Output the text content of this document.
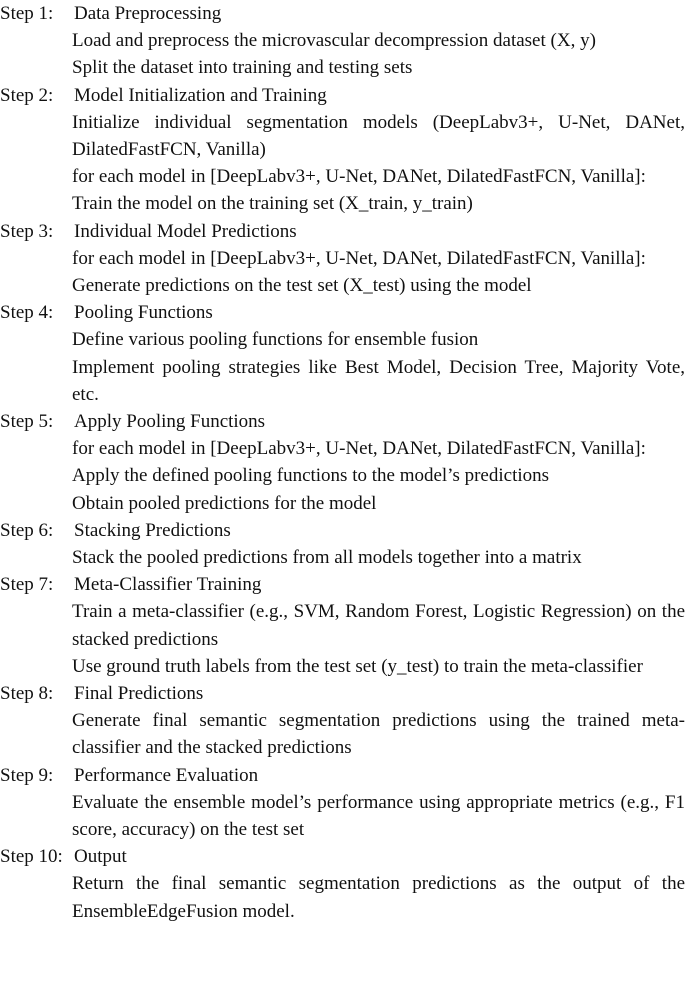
Step 1: Data Preprocessing
Load and preprocess the microvascular decompression dataset (X, y)
Split the dataset into training and testing sets
Step 2: Model Initialization and Training
Initialize individual segmentation models (DeepLabv3+, U-Net, DANet, DilatedFastFCN, Vanilla)
for each model in [DeepLabv3+, U-Net, DANet, DilatedFastFCN, Vanilla]:
Train the model on the training set (X_train, y_train)
Step 3: Individual Model Predictions
for each model in [DeepLabv3+, U-Net, DANet, DilatedFastFCN, Vanilla]:
Generate predictions on the test set (X_test) using the model
Step 4: Pooling Functions
Define various pooling functions for ensemble fusion
Implement pooling strategies like Best Model, Decision Tree, Majority Vote, etc.
Step 5: Apply Pooling Functions
for each model in [DeepLabv3+, U-Net, DANet, DilatedFastFCN, Vanilla]:
Apply the defined pooling functions to the model’s predictions
Obtain pooled predictions for the model
Step 6: Stacking Predictions
Stack the pooled predictions from all models together into a matrix
Step 7: Meta-Classifier Training
Train a meta-classifier (e.g., SVM, Random Forest, Logistic Regression) on the stacked predictions
Use ground truth labels from the test set (y_test) to train the meta-classifier
Step 8: Final Predictions
Generate final semantic segmentation predictions using the trained meta-classifier and the stacked predictions
Step 9: Performance Evaluation
Evaluate the ensemble model’s performance using appropriate metrics (e.g., F1 score, accuracy) on the test set
Step 10: Output
Return the final semantic segmentation predictions as the output of the EnsembleEdgeFusion model.
